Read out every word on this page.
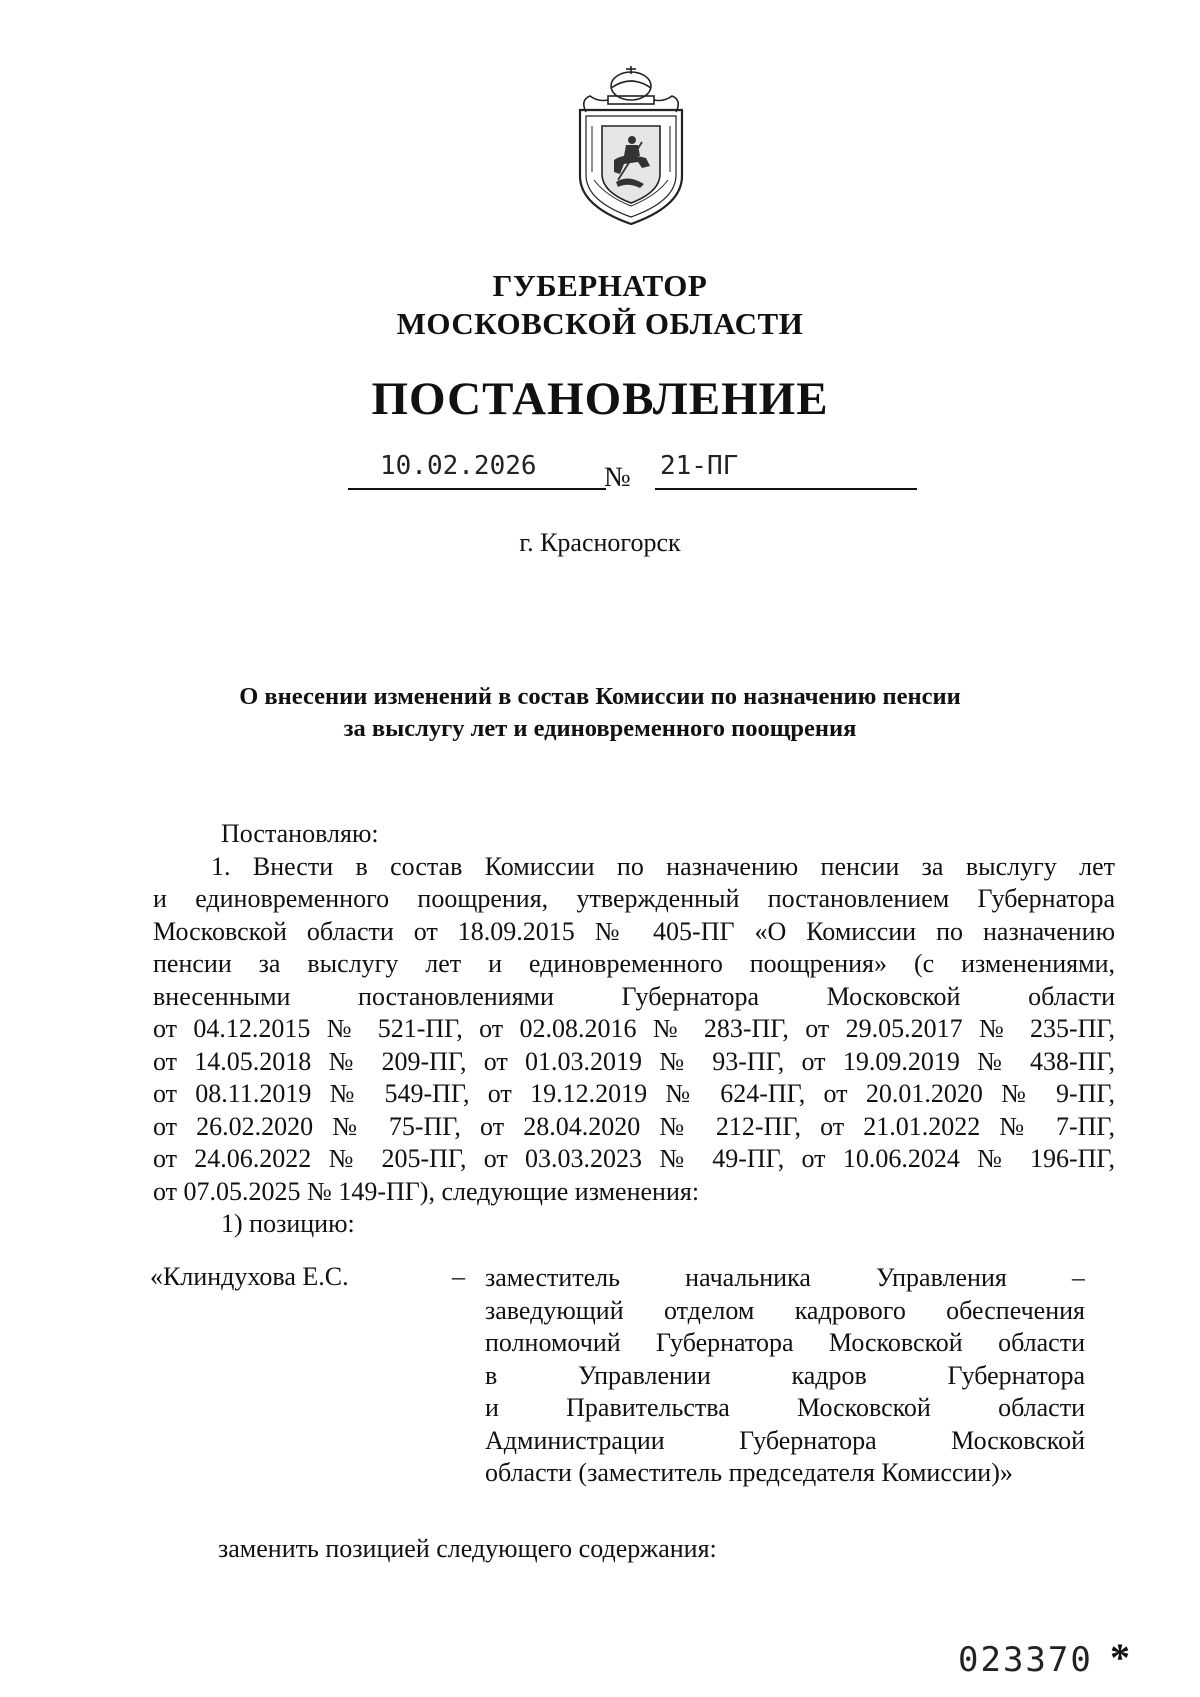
ГУБЕРНАТОР
МОСКОВСКОЙ ОБЛАСТИ
ПОСТАНОВЛЕНИЕ
10.02.2026 № 21-ПГ
г. Красногорск
О внесении изменений в состав Комиссии по назначению пенсии
за выслугу лет и единовременного поощрения
Постановляю:
1. Внести в состав Комиссии по назначению пенсии за выслугу лет
и единовременного поощрения, утвержденный постановлением Губернатора
Московской области от 18.09.2015 № 405-ПГ «О Комиссии по назначению
пенсии за выслугу лет и единовременного поощрения» (с изменениями,
внесенными постановлениями Губернатора Московской области
от 04.12.2015 № 521-ПГ, от 02.08.2016 № 283-ПГ, от 29.05.2017 № 235-ПГ,
от 14.05.2018 № 209-ПГ, от 01.03.2019 № 93-ПГ, от 19.09.2019 № 438-ПГ,
от 08.11.2019 № 549-ПГ, от 19.12.2019 № 624-ПГ, от 20.01.2020 № 9-ПГ,
от 26.02.2020 № 75-ПГ, от 28.04.2020 № 212-ПГ, от 21.01.2022 № 7-ПГ,
от 24.06.2022 № 205-ПГ, от 03.03.2023 № 49-ПГ, от 10.06.2024 № 196-ПГ,
от 07.05.2025 № 149-ПГ), следующие изменения:
1) позицию:
«Клиндухова Е.С.	– заместитель начальника Управления –
заведующий отделом кадрового обеспечения
полномочий Губернатора Московской области
в Управлении кадров Губернатора
и Правительства Московской области
Администрации Губернатора Московской
области (заместитель председателя Комиссии)»
заменить позицией следующего содержания:
023370 *
